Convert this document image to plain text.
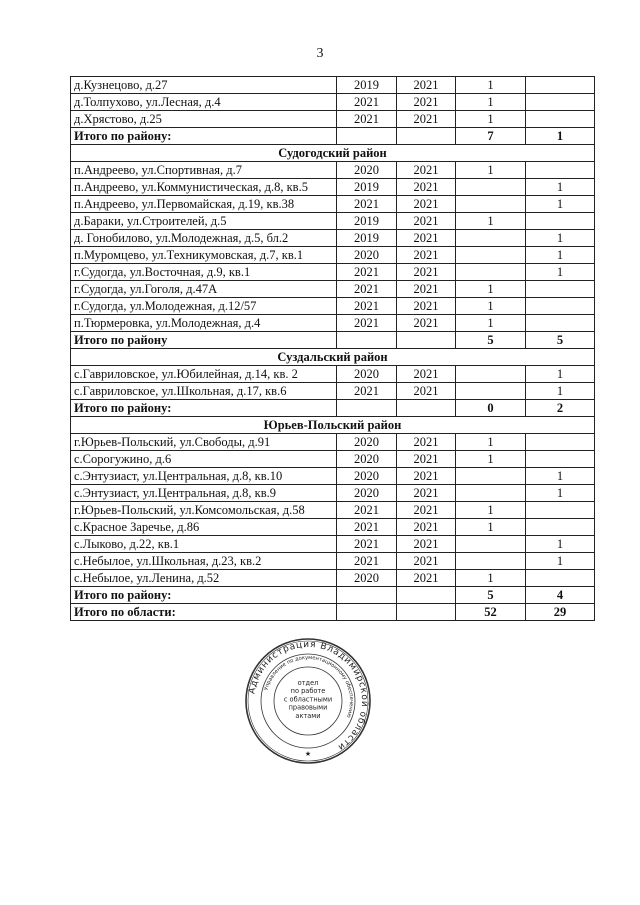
3
д.Кузнецово, д.27	2019	2021	1	
д.Толпухово, ул.Лесная, д.4	2021	2021	1	
д.Хрястово, д.25	2021	2021	1	
Итого по району:			7	1
Судогодский район				
п.Андреево, ул.Спортивная, д.7	2020	2021	1	
п.Андреево, ул.Коммунистическая, д.8, кв.5	2019	2021		1
п.Андреево, ул.Первомайская, д.19, кв.38	2021	2021		1
д.Бараки, ул.Строителей, д.5	2019	2021	1	
д. Гонобилово, ул.Молодежная, д.5, бл.2	2019	2021		1
п.Муромцево, ул.Техникумовская, д.7, кв.1	2020	2021		1
г.Судогда, ул.Восточная, д.9, кв.1	2021	2021		1
г.Судогда, ул.Гоголя, д.47А	2021	2021	1	
г.Судогда, ул.Молодежная, д.12/57	2021	2021	1	
п.Тюрмеровка, ул.Молодежная, д.4	2021	2021	1	
Итого по району			5	5
Суздальский район				
с.Гавриловское, ул.Юбилейная, д.14, кв. 2	2020	2021		1
с.Гавриловское, ул.Школьная, д.17, кв.6	2021	2021		1
Итого по району:			0	2
Юрьев-Польский район				
г.Юрьев-Польский, ул.Свободы, д.91	2020	2021	1	
с.Сорогужино, д.6	2020	2021	1	
с.Энтузиаст, ул.Центральная, д.8, кв.10	2020	2021		1
с.Энтузиаст, ул.Центральная, д.8, кв.9	2020	2021		1
г.Юрьев-Польский, ул.Комсомольская, д.58	2021	2021	1	
с.Красное Заречье, д.86	2021	2021	1	
с.Лыково, д.22, кв.1	2021	2021		1
с.Небылое, ул.Школьная, д.23, кв.2	2021	2021		1
с.Небылое, ул.Ленина, д.52	2020	2021	1	
Итого по району:			5	4
Итого по области:			52	29
Администрация Владимирской области
Управление по документационному обеспечению
отдел
по работе
с областными
правовыми
актами
★
